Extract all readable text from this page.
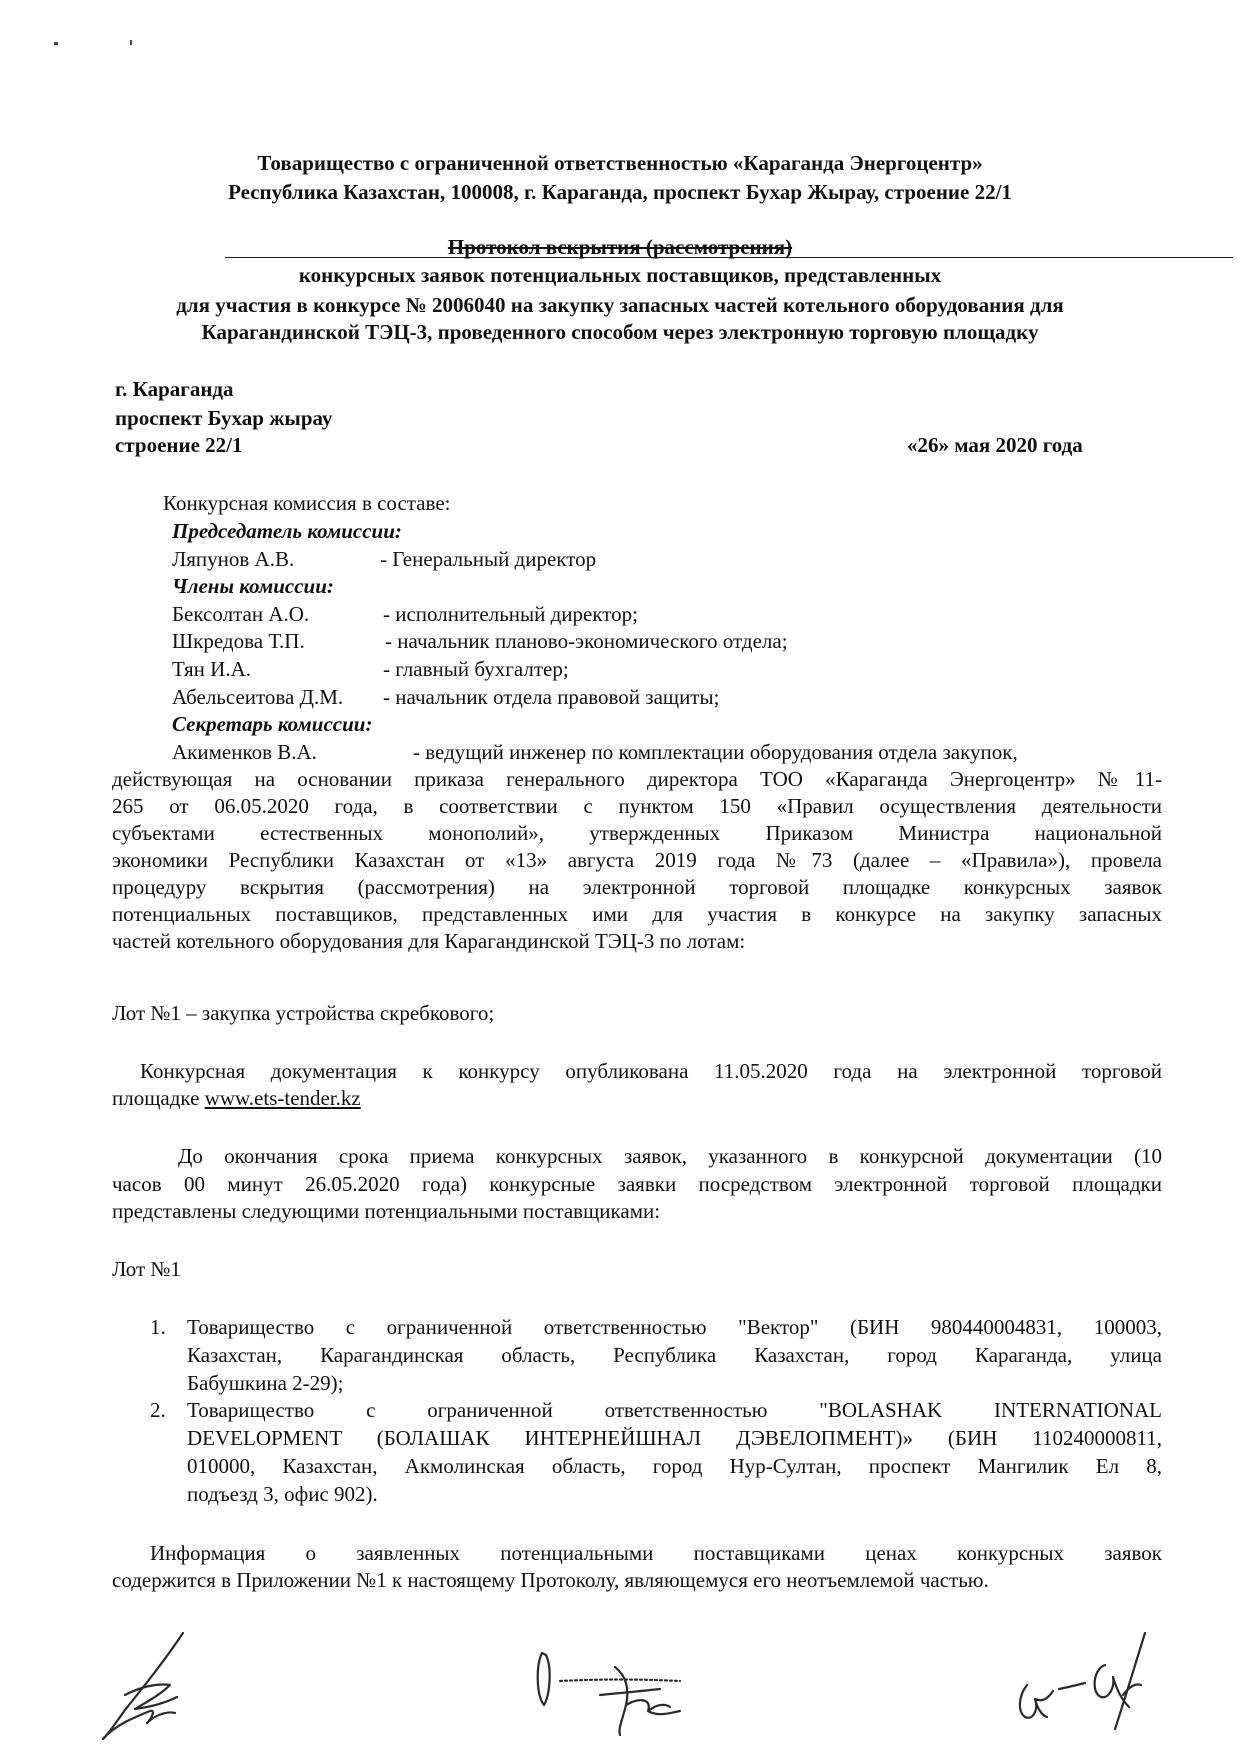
Товарищество с ограниченной ответственностью «Караганда Энергоцентр»
Республика Казахстан, 100008, г. Караганда, проспект Бухар Жырау, строение 22/1
Протокол вскрытия (рассмотрения)
конкурсных заявок потенциальных поставщиков, представленных
для участия в конкурсе № 2006040 на закупку запасных частей котельного оборудования для
Карагандинской ТЭЦ-3, проведенного способом через электронную торговую площадку
г. Караганда
проспект Бухар жырау
строение 22/1	«26» мая 2020 года
Конкурсная комиссия в составе:
Председатель комиссии:
Ляпунов А.В.	- Генеральный директор
Члены комиссии:
Бексолтан А.О.	- исполнительный директор;
Шкредова Т.П.	- начальник планово-экономического отдела;
Тян И.А.	- главный бухгалтер;
Абельсеитова Д.М. - начальник отдела правовой защиты;
Секретарь комиссии:
Акименков В.А.	- ведущий инженер по комплектации оборудования отдела закупок,
действующая на основании приказа генерального директора ТОО «Караганда Энергоцентр» №11-
265 от 06.05.2020 года, в соответствии с пунктом 150 «Правил осуществления деятельности
субъектами естественных монополий», утвержденных Приказом Министра национальной
экономики Республики Казахстан от «13» августа 2019 года №73 (далее – «Правила»), провела
процедуру вскрытия (рассмотрения) на электронной торговой площадке конкурсных заявок
потенциальных поставщиков, представленных ими для участия в конкурсе на закупку запасных
частей котельного оборудования для Карагандинской ТЭЦ-3 по лотам:
Лот №1 – закупка устройства скребкового;
Конкурсная документация к конкурсу опубликована 11.05.2020 года на электронной торговой
площадке www.ets-tender.kz
До окончания срока приема конкурсных заявок, указанного в конкурсной документации (10
часов 00 минут 26.05.2020 года) конкурсные заявки посредством электронной торговой площадки
представлены следующими потенциальными поставщиками:
Лот №1
1. Товарищество с ограниченной ответственностью "Вектор" (БИН 980440004831, 100003,
Казахстан, Карагандинская область, Республика Казахстан, город Караганда, улица
Бабушкина 2-29);
2. Товарищество с ограниченной ответственностью "BOLASHAK INTERNATIONAL
DEVELOPMENT (БОЛАШАК ИНТЕРНЕЙШНАЛ ДЭВЕЛОПМЕНТ)» (БИН 110240000811,
010000, Казахстан, Акмолинская область, город Нур-Султан, проспект Мангилик Ел 8,
подъезд 3, офис 902).
Информация о заявленных потенциальными поставщиками ценах конкурсных заявок
содержится в Приложении №1 к настоящему Протоколу, являющемуся его неотъемлемой частью.
